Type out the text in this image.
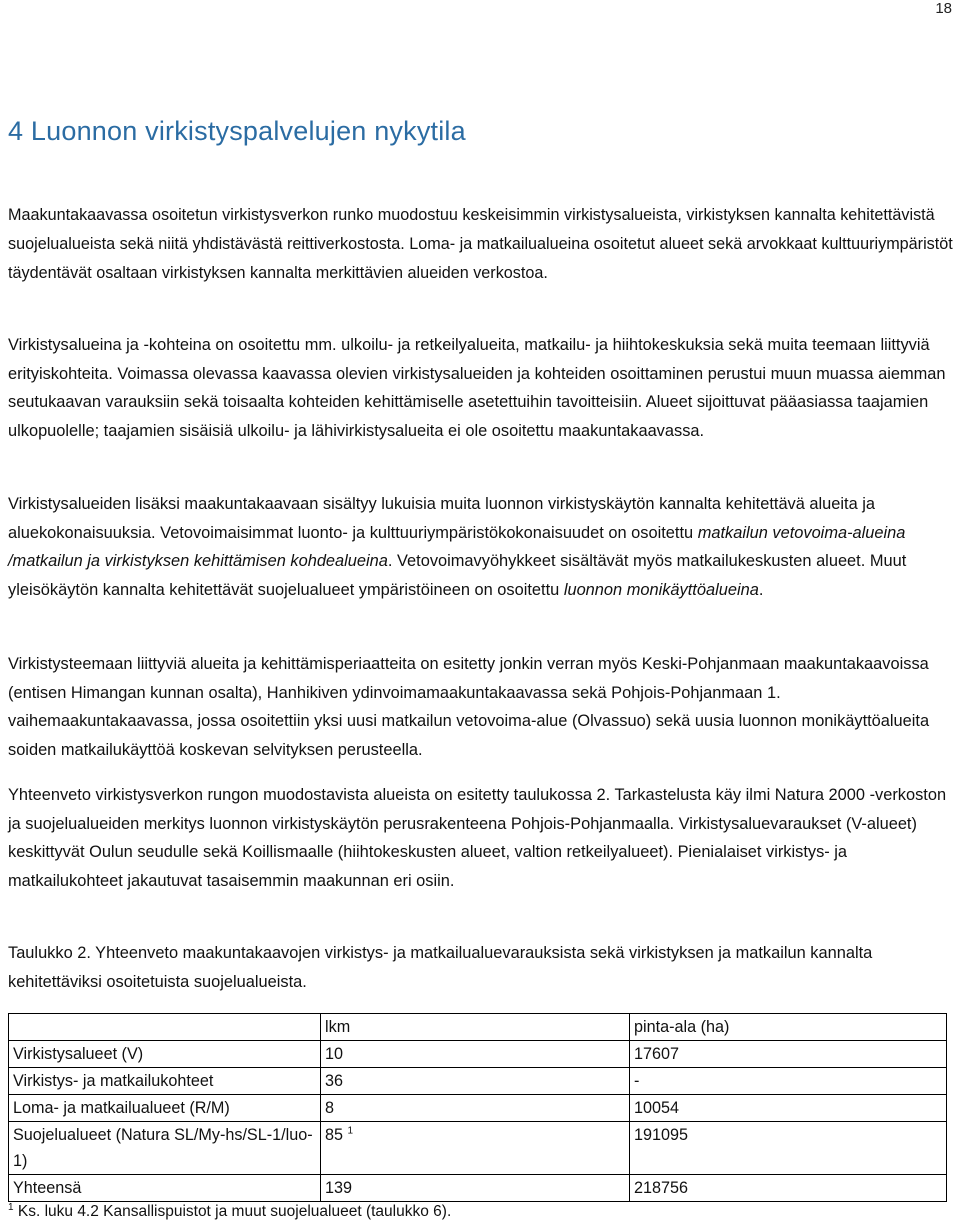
18
4 Luonnon virkistyspalvelujen nykytila

Maakuntakaavassa osoitetun virkistysverkon runko muodostuu keskeisimmin virkistysalueista, virkistyksen kannalta kehitettävistä suojelualueista sekä niitä yhdistävästä reittiverkostosta. Loma- ja matkailualueina osoitetut alueet sekä arvokkaat kulttuuriympäristöt täydentävät osaltaan virkistyksen kannalta merkittävien alueiden verkostoa.

Virkistysalueina ja -kohteina on osoitettu mm. ulkoilu- ja retkeilyalueita, matkailu- ja hiihtokeskuksia sekä muita teemaan liittyviä erityiskohteita. Voimassa olevassa kaavassa olevien virkistysalueiden ja kohteiden osoittaminen perustui muun muassa aiemman seutukaavan varauksiin sekä toisaalta kohteiden kehittämiselle asetettuihin tavoitteisiin. Alueet sijoittuvat pääasiassa taajamien ulkopuolelle; taajamien sisäisiä ulkoilu- ja lähivirkistysalueita ei ole osoitettu maakuntakaavassa.

Virkistysalueiden lisäksi maakuntakaavaan sisältyy lukuisia muita luonnon virkistyskäytön kannalta kehitettävä alueita ja aluekokonaisuuksia. Vetovoimaisimmat luonto- ja kulttuuriympäristökokonaisuudet on osoitettu matkailun vetovoima-alueina /matkailun ja virkistyksen kehittämisen kohdealueina. Vetovoimavyöhykkeet sisältävät myös matkailukeskusten alueet. Muut yleisökäytön kannalta kehitettävät suojelualueet ympäristöineen on osoitettu luonnon monikäyttöalueina.

Virkistysteemaan liittyviä alueita ja kehittämisperiaatteita on esitetty jonkin verran myös Keski-Pohjanmaan maakuntakaavoissa (entisen Himangan kunnan osalta), Hanhikiven ydinvoimamaakuntakaavassa sekä Pohjois-Pohjanmaan 1. vaihemaakuntakaavassa, jossa osoitettiin yksi uusi matkailun vetovoima-alue (Olvassuo) sekä uusia luonnon monikäyttöalueita soiden matkailukäyttöä koskevan selvityksen perusteella.

Yhteenveto virkistysverkon rungon muodostavista alueista on esitetty taulukossa 2. Tarkastelusta käy ilmi Natura 2000 -verkoston ja suojelualueiden merkitys luonnon virkistyskäytön perusrakenteena Pohjois-Pohjanmaalla. Virkistysaluevaraukset (V-alueet) keskittyvät Oulun seudulle sekä Koillismaalle (hiihtokeskusten alueet, valtion retkeilyalueet). Pienialaiset virkistys- ja matkailukohteet jakautuvat tasaisemmin maakunnan eri osiin.

Taulukko 2. Yhteenveto maakuntakaavojen virkistys- ja matkailualuevarauksista sekä virkistyksen ja matkailun kannalta kehitettäviksi osoitetuista suojelualueista.

	lkm	pinta-ala (ha)
Virkistysalueet (V)	10	17607
Virkistys- ja matkailukohteet	36	-
Loma- ja matkailualueet (R/M)	8	10054
Suojelualueet (Natura SL/My-hs/SL-1/luo-1)	85 $^1$	191095
Yhteensä	139	218756
$^1$ Ks. luku 4.2 Kansallispuistot ja muut suojelualueet (taulukko 6).
